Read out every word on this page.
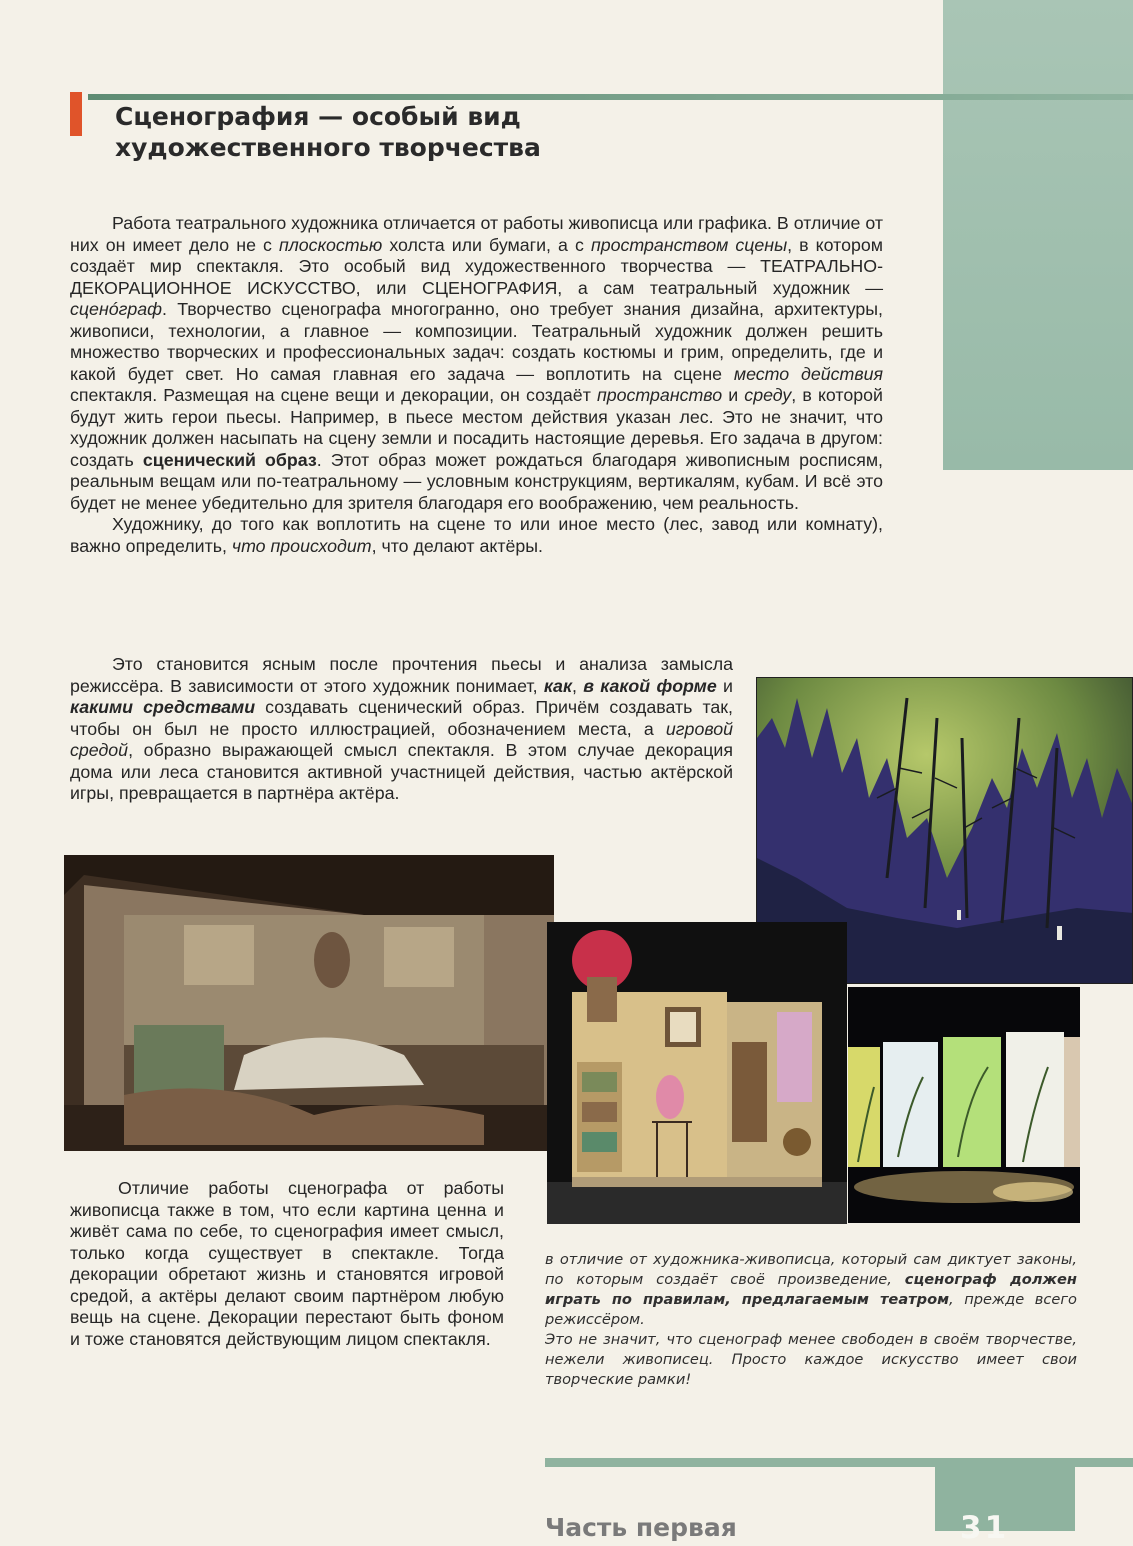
Сценография — особый вид
художественного творчества

Работа театрального художника отличается от работы живописца или графика. В отличие от них он имеет дело не с плоскостью холста или бумаги, а с пространством сцены, в котором создаёт мир спектакля. Это особый вид художественного творчества — ТЕАТРАЛЬНО-ДЕКОРАЦИОННОЕ ИСКУССТВО, или СЦЕНОГРАФИЯ, а сам театральный художник — сценóграф. Творчество сценографа многогранно, оно требует знания дизайна, архитектуры, живописи, технологии, а главное — композиции. Театральный художник должен решить множество творческих и профессиональных задач: создать костюмы и грим, определить, где и какой будет свет. Но самая главная его задача — воплотить на сцене место действия спектакля. Размещая на сцене вещи и декорации, он создаёт пространство и среду, в которой будут жить герои пьесы. Например, в пьесе местом действия указан лес. Это не значит, что художник должен насыпать на сцену земли и посадить настоящие деревья. Его задача в другом: создать сценический образ. Этот образ может рождаться благодаря живописным росписям, реальным вещам или по-театральному — условным конструкциям, вертикалям, кубам. И всё это будет не менее убедительно для зрителя благодаря его воображению, чем реальность.

Художнику, до того как воплотить на сцене то или иное место (лес, завод или комнату), важно определить, что происходит, что делают актёры.

Это становится ясным после прочтения пьесы и анализа замысла режиссёра. В зависимости от этого художник понимает, как, в какой форме и какими средствами создавать сценический образ. Причём создавать так, чтобы он был не просто иллюстрацией, обозначением места, а игровой средой, образно выражающей смысл спектакля. В этом случае декорация дома или леса становится активной участницей действия, частью актёрской игры, превращается в партнёра актёра.

Отличие работы сценографа от работы живописца также в том, что если картина ценна и живёт сама по себе, то сценография имеет смысл, только когда существует в спектакле. Тогда декорации обретают жизнь и становятся игровой средой, а актёры делают своим партнёром любую вещь на сцене. Декорации перестают быть фоном и тоже становятся действующим лицом спектакля.

в отличие от художника-живописца, который сам диктует законы, по которым создаёт своё произведение, сценограф должен играть по правилам, предлагаемым театром, прежде всего режиссёром.

Это не значит, что сценограф менее свободен в своём творчестве, нежели живописец. Просто каждое искусство имеет свои творческие рамки!

Часть первая	31
